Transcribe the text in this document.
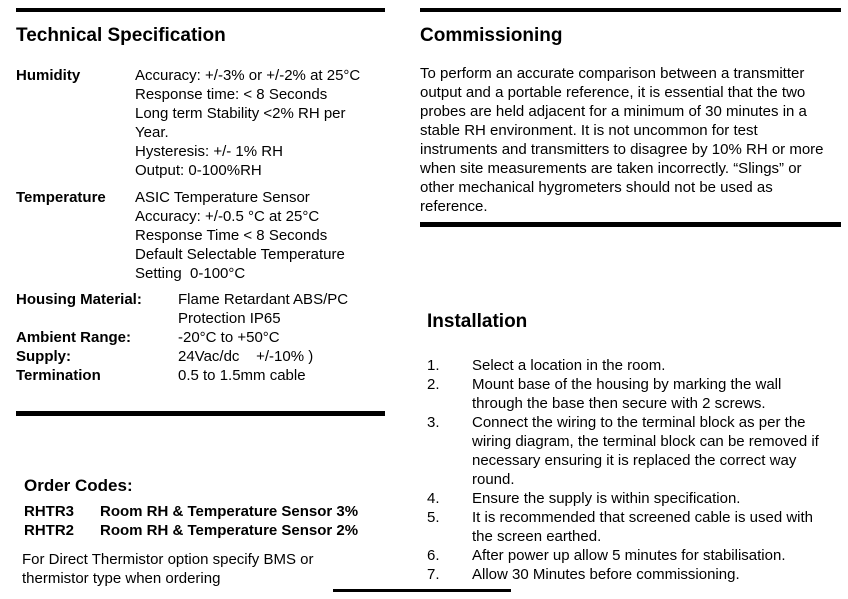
Technical Specification
Humidity	Accuracy: +/-3% or +/-2% at 25°C
Response time: < 8 Seconds
Long term Stability <2% RH per
Year.
Hysteresis: +/- 1% RH
Output: 0-100%RH
Temperature	ASIC Temperature Sensor
Accuracy: +/-0.5 °C at 25°C
Response Time < 8 Seconds
Default Selectable Temperature
Setting  0-100°C
Housing Material:	Flame Retardant ABS/PC
Protection IP65
Ambient Range:	-20°C to +50°C
Supply:	24Vac/dc    +/-10% )
Termination	0.5 to 1.5mm cable
Order Codes:
RHTR3	Room RH & Temperature Sensor 3%
RHTR2	Room RH & Temperature Sensor 2%
For Direct Thermistor option specify BMS or
thermistor type when ordering
Commissioning
To perform an accurate comparison between a transmitter
output and a portable reference, it is essential that the two
probes are held adjacent for a minimum of 30 minutes in a
stable RH environment. It is not uncommon for test
instruments and transmitters to disagree by 10% RH or more
when site measurements are taken incorrectly. “Slings” or
other mechanical hygrometers should not be used as
reference.
Installation
1.	Select a location in the room.
2.	Mount base of the housing by marking the wall
through the base then secure with 2 screws.
3.	Connect the wiring to the terminal block as per the
wiring diagram, the terminal block can be removed if
necessary ensuring it is replaced the correct way
round.
4.	Ensure the supply is within specification.
5.	It is recommended that screened cable is used with
the screen earthed.
6.	After power up allow 5 minutes for stabilisation.
7.	Allow 30 Minutes before commissioning.
